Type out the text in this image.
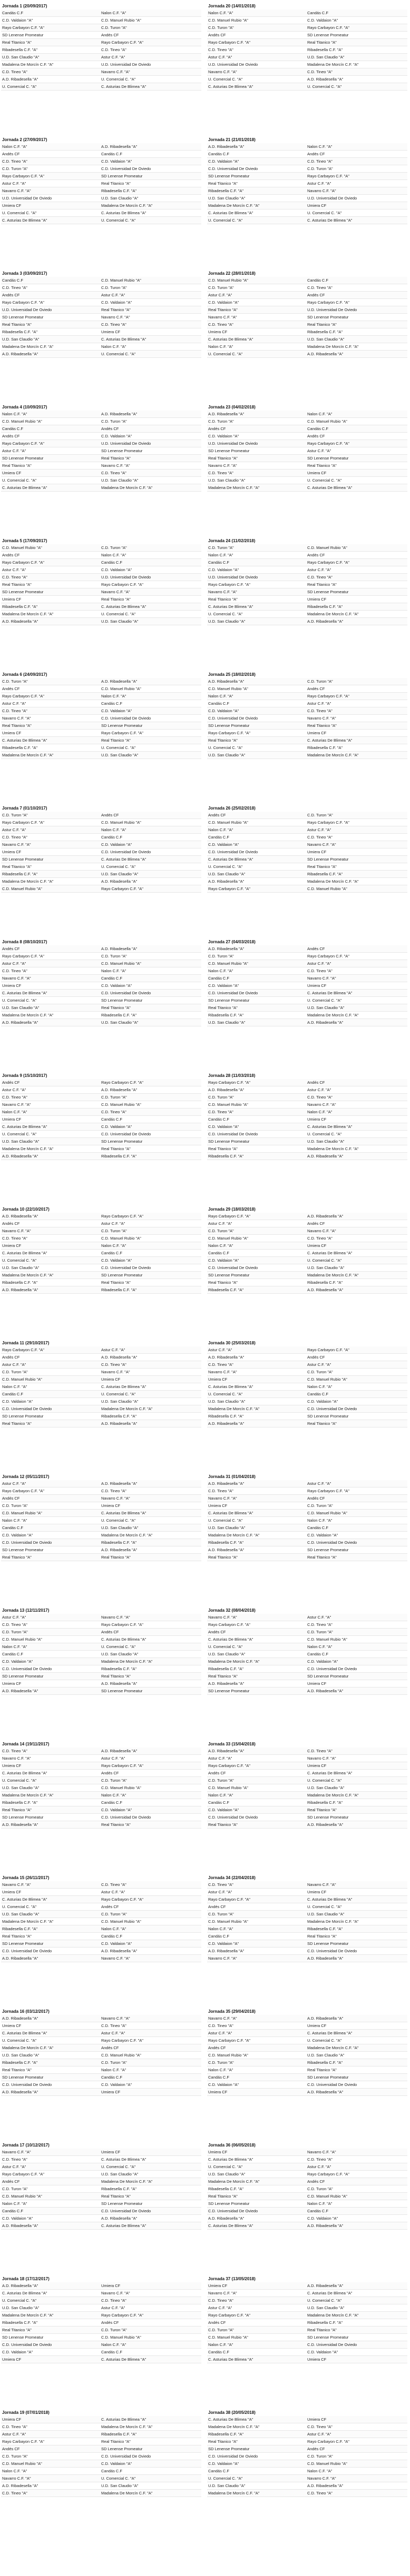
Jornada 1 (20/09/2017)
Candás C.F	Nalon C.F. "A"
C.D. Valdaion "A"	C.D. Manuel Rubio "A"
Rayo Carbayon C.F. "A"	C.D. Turon "A"
SD Lenense Promeatur	Andés CF
Real Titanico "A"	Rayo Carbayon C.F. "A"
Ribadesella C.F. "A"	C.D. Tineo "A"
U.D. San Claudio "A"	Astur C.F. "A"
Madalena De Morcín C.F. "A"	U.D. Universidad De Oviedo
C.D. Tineo "A"	Navarro C.F. "A"
A.D. Ribadesella "A"	U. Comercial C. "A"
U. Comercial C. "A"	C. Asturias De Blimea "A"
Jornada 20 (14/01/2018)
Nalon C.F. "A"	Candás C.F
C.D. Manuel Rubio "A"	C.D. Valdaion "A"
C.D. Turon "A"	Rayo Carbayon C.F. "A"
Andés CF	SD Lenense Promeatur
Rayo Carbayon C.F. "A"	Real Titanico "A"
C.D. Tineo "A"	Ribadesella C.F. "A"
Astur C.F. "A"	U.D. San Claudio "A"
U.D. Universidad De Oviedo	Madalena De Morcín C.F. "A"
Navarro C.F. "A"	C.D. Tineo "A"
U. Comercial C. "A"	A.D. Ribadesella "A"
C. Asturias De Blimea "A"	U. Comercial C. "A"
Jornada 2 (27/09/2017)
Nalon C.F. "A"	A.D. Ribadesella "A"
Andés CF	Candás C.F
C.D. Tineo "A"	C.D. Valdaion "A"
C.D. Turon "A"	C.D. Universidad De Oviedo
Rayo Carbayon C.F. "A"	SD Lenense Promeatur
Astur C.F. "A"	Real Titanico "A"
Navarro C.F. "A"	Ribadesella C.F. "A"
U.D. Universidad De Oviedo	U.D. San Claudio "A"
Umiera CF	Madalena De Morcín C.F. "A"
U. Comercial C. "A"	C. Asturias De Blimea "A"
C. Asturias De Blimea "A"	U. Comercial C. "A"
Jornada 21 (21/01/2018)
A.D. Ribadesella "A"	Nalon C.F. "A"
Candás C.F	Andés CF
C.D. Valdaion "A"	C.D. Tineo "A"
C.D. Universidad De Oviedo	C.D. Turon "A"
SD Lenense Promeatur	Rayo Carbayon C.F. "A"
Real Titanico "A"	Astur C.F. "A"
Ribadesella C.F. "A"	Navarro C.F. "A"
U.D. San Claudio "A"	U.D. Universidad De Oviedo
Madalena De Morcín C.F. "A"	Umiera CF
C. Asturias De Blimea "A"	U. Comercial C. "A"
U. Comercial C. "A"	C. Asturias De Blimea "A"
Jornada 3 (03/09/2017)
Candás C.F	C.D. Manuel Rubio "A"
C.D. Tineo "A"	C.D. Turon "A"
Andés CF	Astur C.F. "A"
Rayo Carbayon C.F. "A"	C.D. Valdaion "A"
U.D. Universidad De Oviedo	Real Titanico "A"
SD Lenense Promeatur	Navarro C.F. "A"
Real Titanico "A"	C.D. Tineo "A"
Ribadesella C.F. "A"	Umiera CF
U.D. San Claudio "A"	C. Asturias De Blimea "A"
Madalena De Morcín C.F. "A"	Nalon C.F. "A"
A.D. Ribadesella "A"	U. Comercial C. "A"
Jornada 22 (28/01/2018)
C.D. Manuel Rubio "A"	Candás C.F
C.D. Turon "A"	C.D. Tineo "A"
Astur C.F. "A"	Andés CF
C.D. Valdaion "A"	Rayo Carbayon C.F. "A"
Real Titanico "A"	U.D. Universidad De Oviedo
Navarro C.F. "A"	SD Lenense Promeatur
C.D. Tineo "A"	Real Titanico "A"
Umiera CF	Ribadesella C.F. "A"
C. Asturias De Blimea "A"	U.D. San Claudio "A"
Nalon C.F. "A"	Madalena De Morcín C.F. "A"
U. Comercial C. "A"	A.D. Ribadesella "A"
Jornada 4 (10/09/2017)
Nalon C.F. "A"	A.D. Ribadesella "A"
C.D. Manuel Rubio "A"	C.D. Turon "A"
Candás C.F	Andés CF
Andés CF	C.D. Valdaion "A"
Rayo Carbayon C.F. "A"	U.D. Universidad De Oviedo
Astur C.F. "A"	SD Lenense Promeatur
SD Lenense Promeatur	Real Titanico "A"
Real Titanico "A"	Navarro C.F. "A"
Umiera CF	C.D. Tineo "A"
U. Comercial C. "A"	U.D. San Claudio "A"
C. Asturias De Blimea "A"	Madalena De Morcín C.F. "A"
Jornada 23 (04/02/2018)
A.D. Ribadesella "A"	Nalon C.F. "A"
C.D. Turon "A"	C.D. Manuel Rubio "A"
Andés CF	Candás C.F
C.D. Valdaion "A"	Andés CF
U.D. Universidad De Oviedo	Rayo Carbayon C.F. "A"
SD Lenense Promeatur	Astur C.F. "A"
Real Titanico "A"	SD Lenense Promeatur
Navarro C.F. "A"	Real Titanico "A"
C.D. Tineo "A"	Umiera CF
U.D. San Claudio "A"	U. Comercial C. "A"
Madalena De Morcín C.F. "A"	C. Asturias De Blimea "A"
Jornada 5 (17/09/2017)
C.D. Manuel Rubio "A"	C.D. Turon "A"
Andés CF	Nalon C.F. "A"
Rayo Carbayon C.F. "A"	Candás C.F
Astur C.F. "A"	C.D. Valdaion "A"
C.D. Tineo "A"	U.D. Universidad De Oviedo
Real Titanico "A"	Rayo Carbayon C.F. "A"
SD Lenense Promeatur	Navarro C.F. "A"
Umiera CF	Real Titanico "A"
Ribadesella C.F. "A"	C. Asturias De Blimea "A"
Madalena De Morcín C.F. "A"	U. Comercial C. "A"
A.D. Ribadesella "A"	U.D. San Claudio "A"
Jornada 24 (11/02/2018)
C.D. Turon "A"	C.D. Manuel Rubio "A"
Nalon C.F. "A"	Andés CF
Candás C.F	Rayo Carbayon C.F. "A"
C.D. Valdaion "A"	Astur C.F. "A"
U.D. Universidad De Oviedo	C.D. Tineo "A"
Rayo Carbayon C.F. "A"	Real Titanico "A"
Navarro C.F. "A"	SD Lenense Promeatur
Real Titanico "A"	Umiera CF
C. Asturias De Blimea "A"	Ribadesella C.F. "A"
U. Comercial C. "A"	Madalena De Morcín C.F. "A"
U.D. San Claudio "A"	A.D. Ribadesella "A"
Jornada 6 (24/09/2017)
C.D. Turon "A"	A.D. Ribadesella "A"
Andés CF	C.D. Manuel Rubio "A"
Rayo Carbayon C.F. "A"	Nalon C.F. "A"
Astur C.F. "A"	Candás C.F
C.D. Tineo "A"	C.D. Valdaion "A"
Navarro C.F. "A"	C.D. Universidad De Oviedo
Real Titanico "A"	SD Lenense Promeatur
Umiera CF	Rayo Carbayon C.F. "A"
C. Asturias De Blimea "A"	Real Titanico "A"
Ribadesella C.F. "A"	U. Comercial C. "A"
Madalena De Morcín C.F. "A"	U.D. San Claudio "A"
Jornada 25 (18/02/2018)
A.D. Ribadesella "A"	C.D. Turon "A"
C.D. Manuel Rubio "A"	Andés CF
Nalon C.F. "A"	Rayo Carbayon C.F. "A"
Candás C.F	Astur C.F. "A"
C.D. Valdaion "A"	C.D. Tineo "A"
C.D. Universidad De Oviedo	Navarro C.F. "A"
SD Lenense Promeatur	Real Titanico "A"
Rayo Carbayon C.F. "A"	Umiera CF
Real Titanico "A"	C. Asturias De Blimea "A"
U. Comercial C. "A"	Ribadesella C.F. "A"
U.D. San Claudio "A"	Madalena De Morcín C.F. "A"
Jornada 7 (01/10/2017)
C.D. Turon "A"	Andés CF
Rayo Carbayon C.F. "A"	C.D. Manuel Rubio "A"
Astur C.F. "A"	Nalon C.F. "A"
C.D. Tineo "A"	Candás C.F
Navarro C.F. "A"	C.D. Valdaion "A"
Umiera CF	C.D. Universidad De Oviedo
SD Lenense Promeatur	C. Asturias De Blimea "A"
Real Titanico "A"	U. Comercial C. "A"
Ribadesella C.F. "A"	U.D. San Claudio "A"
Madalena De Morcín C.F. "A"	A.D. Ribadesella "A"
C.D. Manuel Rubio "A"	Rayo Carbayon C.F. "A"
Jornada 26 (25/02/2018)
Andés CF	C.D. Turon "A"
C.D. Manuel Rubio "A"	Rayo Carbayon C.F. "A"
Nalon C.F. "A"	Astur C.F. "A"
Candás C.F	C.D. Tineo "A"
C.D. Valdaion "A"	Navarro C.F. "A"
C.D. Universidad De Oviedo	Umiera CF
C. Asturias De Blimea "A"	SD Lenense Promeatur
U. Comercial C. "A"	Real Titanico "A"
U.D. San Claudio "A"	Ribadesella C.F. "A"
A.D. Ribadesella "A"	Madalena De Morcín C.F. "A"
Rayo Carbayon C.F. "A"	C.D. Manuel Rubio "A"
Jornada 8 (08/10/2017)
Andés CF	A.D. Ribadesella "A"
Rayo Carbayon C.F. "A"	C.D. Turon "A"
Astur C.F. "A"	C.D. Manuel Rubio "A"
C.D. Tineo "A"	Nalon C.F. "A"
Navarro C.F. "A"	Candás C.F
Umiera CF	C.D. Valdaion "A"
C. Asturias De Blimea "A"	C.D. Universidad De Oviedo
U. Comercial C. "A"	SD Lenense Promeatur
U.D. San Claudio "A"	Real Titanico "A"
Madalena De Morcín C.F. "A"	Ribadesella C.F. "A"
A.D. Ribadesella "A"	U.D. San Claudio "A"
Jornada 27 (04/03/2018)
A.D. Ribadesella "A"	Andés CF
C.D. Turon "A"	Rayo Carbayon C.F. "A"
C.D. Manuel Rubio "A"	Astur C.F. "A"
Nalon C.F. "A"	C.D. Tineo "A"
Candás C.F	Navarro C.F. "A"
C.D. Valdaion "A"	Umiera CF
C.D. Universidad De Oviedo	C. Asturias De Blimea "A"
SD Lenense Promeatur	U. Comercial C. "A"
Real Titanico "A"	U.D. San Claudio "A"
Ribadesella C.F. "A"	Madalena De Morcín C.F. "A"
U.D. San Claudio "A"	A.D. Ribadesella "A"
Jornada 9 (15/10/2017)
Andés CF	Rayo Carbayon C.F. "A"
Astur C.F. "A"	A.D. Ribadesella "A"
C.D. Tineo "A"	C.D. Turon "A"
Navarro C.F. "A"	C.D. Manuel Rubio "A"
Nalon C.F. "A"	C.D. Tineo "A"
Umiera CF	Candás C.F
C. Asturias De Blimea "A"	C.D. Valdaion "A"
U. Comercial C. "A"	C.D. Universidad De Oviedo
U.D. San Claudio "A"	SD Lenense Promeatur
Madalena De Morcín C.F. "A"	Real Titanico "A"
A.D. Ribadesella "A"	Ribadesella C.F. "A"
Jornada 28 (11/03/2018)
Rayo Carbayon C.F. "A"	Andés CF
A.D. Ribadesella "A"	Astur C.F. "A"
C.D. Turon "A"	C.D. Tineo "A"
C.D. Manuel Rubio "A"	Navarro C.F. "A"
C.D. Tineo "A"	Nalon C.F. "A"
Candás C.F	Umiera CF
C.D. Valdaion "A"	C. Asturias De Blimea "A"
C.D. Universidad De Oviedo	U. Comercial C. "A"
SD Lenense Promeatur	U.D. San Claudio "A"
Real Titanico "A"	Madalena De Morcín C.F. "A"
Ribadesella C.F. "A"	A.D. Ribadesella "A"
Jornada 10 (22/10/2017)
A.D. Ribadesella "A"	Rayo Carbayon C.F. "A"
Andés CF	Astur C.F. "A"
Navarro C.F. "A"	C.D. Turon "A"
C.D. Tineo "A"	C.D. Manuel Rubio "A"
Umiera CF	Nalon C.F. "A"
C. Asturias De Blimea "A"	Candás C.F
U. Comercial C. "A"	C.D. Valdaion "A"
U.D. San Claudio "A"	C.D. Universidad De Oviedo
Madalena De Morcín C.F. "A"	SD Lenense Promeatur
Ribadesella C.F. "A"	Real Titanico "A"
A.D. Ribadesella "A"	Ribadesella C.F. "A"
Jornada 29 (18/03/2018)
Rayo Carbayon C.F. "A"	A.D. Ribadesella "A"
Astur C.F. "A"	Andés CF
C.D. Turon "A"	Navarro C.F. "A"
C.D. Manuel Rubio "A"	C.D. Tineo "A"
Nalon C.F. "A"	Umiera CF
Candás C.F	C. Asturias De Blimea "A"
C.D. Valdaion "A"	U. Comercial C. "A"
C.D. Universidad De Oviedo	U.D. San Claudio "A"
SD Lenense Promeatur	Madalena De Morcín C.F. "A"
Real Titanico "A"	Ribadesella C.F. "A"
Ribadesella C.F. "A"	A.D. Ribadesella "A"
Jornada 11 (29/10/2017)
Rayo Carbayon C.F. "A"	Astur C.F. "A"
Andés CF	A.D. Ribadesella "A"
Astur C.F. "A"	C.D. Tineo "A"
C.D. Turon "A"	Navarro C.F. "A"
C.D. Manuel Rubio "A"	Umiera CF
Nalon C.F. "A"	C. Asturias De Blimea "A"
Candás C.F	U. Comercial C. "A"
C.D. Valdaion "A"	U.D. San Claudio "A"
C.D. Universidad De Oviedo	Madalena De Morcín C.F. "A"
SD Lenense Promeatur	Ribadesella C.F. "A"
Real Titanico "A"	A.D. Ribadesella "A"
Jornada 30 (25/03/2018)
Astur C.F. "A"	Rayo Carbayon C.F. "A"
A.D. Ribadesella "A"	Andés CF
C.D. Tineo "A"	Astur C.F. "A"
Navarro C.F. "A"	C.D. Turon "A"
Umiera CF	C.D. Manuel Rubio "A"
C. Asturias De Blimea "A"	Nalon C.F. "A"
U. Comercial C. "A"	Candás C.F
U.D. San Claudio "A"	C.D. Valdaion "A"
Madalena De Morcín C.F. "A"	C.D. Universidad De Oviedo
Ribadesella C.F. "A"	SD Lenense Promeatur
A.D. Ribadesella "A"	Real Titanico "A"
Jornada 12 (05/11/2017)
Astur C.F. "A"	A.D. Ribadesella "A"
Rayo Carbayon C.F. "A"	C.D. Tineo "A"
Andés CF	Navarro C.F. "A"
C.D. Turon "A"	Umiera CF
C.D. Manuel Rubio "A"	C. Asturias De Blimea "A"
Nalon C.F. "A"	U. Comercial C. "A"
Candás C.F	U.D. San Claudio "A"
C.D. Valdaion "A"	Madalena De Morcín C.F. "A"
C.D. Universidad De Oviedo	Ribadesella C.F. "A"
SD Lenense Promeatur	A.D. Ribadesella "A"
Real Titanico "A"	Real Titanico "A"
Jornada 31 (01/04/2018)
A.D. Ribadesella "A"	Astur C.F. "A"
C.D. Tineo "A"	Rayo Carbayon C.F. "A"
Navarro C.F. "A"	Andés CF
Umiera CF	C.D. Turon "A"
C. Asturias De Blimea "A"	C.D. Manuel Rubio "A"
U. Comercial C. "A"	Nalon C.F. "A"
U.D. San Claudio "A"	Candás C.F
Madalena De Morcín C.F. "A"	C.D. Valdaion "A"
Ribadesella C.F. "A"	C.D. Universidad De Oviedo
A.D. Ribadesella "A"	SD Lenense Promeatur
Real Titanico "A"	Real Titanico "A"
Jornada 13 (12/11/2017)
Astur C.F. "A"	Navarro C.F. "A"
C.D. Tineo "A"	Rayo Carbayon C.F. "A"
C.D. Turon "A"	Andés CF
C.D. Manuel Rubio "A"	C. Asturias De Blimea "A"
Nalon C.F. "A"	U. Comercial C. "A"
Candás C.F	U.D. San Claudio "A"
C.D. Valdaion "A"	Madalena De Morcín C.F. "A"
C.D. Universidad De Oviedo	Ribadesella C.F. "A"
SD Lenense Promeatur	Real Titanico "A"
Umiera CF	A.D. Ribadesella "A"
A.D. Ribadesella "A"	SD Lenense Promeatur
Jornada 32 (08/04/2018)
Navarro C.F. "A"	Astur C.F. "A"
Rayo Carbayon C.F. "A"	C.D. Tineo "A"
Andés CF	C.D. Turon "A"
C. Asturias De Blimea "A"	C.D. Manuel Rubio "A"
U. Comercial C. "A"	Nalon C.F. "A"
U.D. San Claudio "A"	Candás C.F
Madalena De Morcín C.F. "A"	C.D. Valdaion "A"
Ribadesella C.F. "A"	C.D. Universidad De Oviedo
Real Titanico "A"	SD Lenense Promeatur
A.D. Ribadesella "A"	Umiera CF
SD Lenense Promeatur	A.D. Ribadesella "A"
Jornada 14 (19/11/2017)
C.D. Tineo "A"	A.D. Ribadesella "A"
Navarro C.F. "A"	Astur C.F. "A"
Umiera CF	Rayo Carbayon C.F. "A"
C. Asturias De Blimea "A"	Andés CF
U. Comercial C. "A"	C.D. Turon "A"
U.D. San Claudio "A"	C.D. Manuel Rubio "A"
Madalena De Morcín C.F. "A"	Nalon C.F. "A"
Ribadesella C.F. "A"	Candás C.F
Real Titanico "A"	C.D. Valdaion "A"
SD Lenense Promeatur	C.D. Universidad De Oviedo
A.D. Ribadesella "A"	Real Titanico "A"
Jornada 33 (15/04/2018)
A.D. Ribadesella "A"	C.D. Tineo "A"
Astur C.F. "A"	Navarro C.F. "A"
Rayo Carbayon C.F. "A"	Umiera CF
Andés CF	C. Asturias De Blimea "A"
C.D. Turon "A"	U. Comercial C. "A"
C.D. Manuel Rubio "A"	U.D. San Claudio "A"
Nalon C.F. "A"	Madalena De Morcín C.F. "A"
Candás C.F	Ribadesella C.F. "A"
C.D. Valdaion "A"	Real Titanico "A"
C.D. Universidad De Oviedo	SD Lenense Promeatur
Real Titanico "A"	A.D. Ribadesella "A"
Jornada 15 (26/11/2017)
Navarro C.F. "A"	C.D. Tineo "A"
Umiera CF	Astur C.F. "A"
C. Asturias De Blimea "A"	Rayo Carbayon C.F. "A"
U. Comercial C. "A"	Andés CF
U.D. San Claudio "A"	C.D. Turon "A"
Madalena De Morcín C.F. "A"	C.D. Manuel Rubio "A"
Ribadesella C.F. "A"	Nalon C.F. "A"
Real Titanico "A"	Candás C.F
SD Lenense Promeatur	C.D. Valdaion "A"
C.D. Universidad De Oviedo	A.D. Ribadesella "A"
A.D. Ribadesella "A"	Navarro C.F. "A"
Jornada 34 (22/04/2018)
C.D. Tineo "A"	Navarro C.F. "A"
Astur C.F. "A"	Umiera CF
Rayo Carbayon C.F. "A"	C. Asturias De Blimea "A"
Andés CF	U. Comercial C. "A"
C.D. Turon "A"	U.D. San Claudio "A"
C.D. Manuel Rubio "A"	Madalena De Morcín C.F. "A"
Nalon C.F. "A"	Ribadesella C.F. "A"
Candás C.F	Real Titanico "A"
C.D. Valdaion "A"	SD Lenense Promeatur
A.D. Ribadesella "A"	C.D. Universidad De Oviedo
Navarro C.F. "A"	A.D. Ribadesella "A"
Jornada 16 (03/12/2017)
A.D. Ribadesella "A"	Navarro C.F. "A"
Umiera CF	C.D. Tineo "A"
C. Asturias De Blimea "A"	Astur C.F. "A"
U. Comercial C. "A"	Rayo Carbayon C.F. "A"
Madalena De Morcín C.F. "A"	Andés CF
U.D. San Claudio "A"	C.D. Manuel Rubio "A"
Ribadesella C.F. "A"	C.D. Turon "A"
Real Titanico "A"	Nalon C.F. "A"
SD Lenense Promeatur	Candás C.F
C.D. Universidad De Oviedo	C.D. Valdaion "A"
A.D. Ribadesella "A"	Umiera CF
Jornada 35 (29/04/2018)
Navarro C.F. "A"	A.D. Ribadesella "A"
C.D. Tineo "A"	Umiera CF
Astur C.F. "A"	C. Asturias De Blimea "A"
Rayo Carbayon C.F. "A"	U. Comercial C. "A"
Andés CF	Madalena De Morcín C.F. "A"
C.D. Manuel Rubio "A"	U.D. San Claudio "A"
C.D. Turon "A"	Ribadesella C.F. "A"
Nalon C.F. "A"	Real Titanico "A"
Candás C.F	SD Lenense Promeatur
C.D. Valdaion "A"	C.D. Universidad De Oviedo
Umiera CF	A.D. Ribadesella "A"
Jornada 17 (10/12/2017)
Navarro C.F. "A"	Umiera CF
C.D. Tineo "A"	C. Asturias De Blimea "A"
Astur C.F. "A"	U. Comercial C. "A"
Rayo Carbayon C.F. "A"	U.D. San Claudio "A"
Andés CF	Madalena De Morcín C.F. "A"
C.D. Turon "A"	Ribadesella C.F. "A"
C.D. Manuel Rubio "A"	Real Titanico "A"
Nalon C.F. "A"	SD Lenense Promeatur
Candás C.F	C.D. Universidad De Oviedo
C.D. Valdaion "A"	A.D. Ribadesella "A"
A.D. Ribadesella "A"	C. Asturias De Blimea "A"
Jornada 36 (06/05/2018)
Umiera CF	Navarro C.F. "A"
C. Asturias De Blimea "A"	C.D. Tineo "A"
U. Comercial C. "A"	Astur C.F. "A"
U.D. San Claudio "A"	Rayo Carbayon C.F. "A"
Madalena De Morcín C.F. "A"	Andés CF
Ribadesella C.F. "A"	C.D. Turon "A"
Real Titanico "A"	C.D. Manuel Rubio "A"
SD Lenense Promeatur	Nalon C.F. "A"
C.D. Universidad De Oviedo	Candás C.F
A.D. Ribadesella "A"	C.D. Valdaion "A"
C. Asturias De Blimea "A"	A.D. Ribadesella "A"
Jornada 18 (17/12/2017)
A.D. Ribadesella "A"	Umiera CF
C. Asturias De Blimea "A"	Navarro C.F. "A"
U. Comercial C. "A"	C.D. Tineo "A"
U.D. San Claudio "A"	Astur C.F. "A"
Madalena De Morcín C.F. "A"	Rayo Carbayon C.F. "A"
Ribadesella C.F. "A"	Andés CF
Real Titanico "A"	C.D. Turon "A"
SD Lenense Promeatur	C.D. Manuel Rubio "A"
C.D. Universidad De Oviedo	Nalon C.F. "A"
C.D. Valdaion "A"	Candás C.F
Umiera CF	C. Asturias De Blimea "A"
Jornada 37 (13/05/2018)
Umiera CF	A.D. Ribadesella "A"
Navarro C.F. "A"	C. Asturias De Blimea "A"
C.D. Tineo "A"	U. Comercial C. "A"
Astur C.F. "A"	U.D. San Claudio "A"
Rayo Carbayon C.F. "A"	Madalena De Morcín C.F. "A"
Andés CF	Ribadesella C.F. "A"
C.D. Turon "A"	Real Titanico "A"
C.D. Manuel Rubio "A"	SD Lenense Promeatur
Nalon C.F. "A"	C.D. Universidad De Oviedo
Candás C.F	C.D. Valdaion "A"
C. Asturias De Blimea "A"	Umiera CF
Jornada 19 (07/01/2018)
Umiera CF	C. Asturias De Blimea "A"
C.D. Tineo "A"	Madalena De Morcín C.F. "A"
Astur C.F. "A"	Ribadesella C.F. "A"
Rayo Carbayon C.F. "A"	Real Titanico "A"
Andés CF	SD Lenense Promeatur
C.D. Turon "A"	C.D. Universidad De Oviedo
C.D. Manuel Rubio "A"	C.D. Valdaion "A"
Nalon C.F. "A"	Candás C.F
Navarro C.F. "A"	U. Comercial C. "A"
A.D. Ribadesella "A"	U.D. San Claudio "A"
C.D. Tineo "A"	Madalena De Morcín C.F. "A"
Jornada 38 (20/05/2018)
C. Asturias De Blimea "A"	Umiera CF
Madalena De Morcín C.F. "A"	C.D. Tineo "A"
Ribadesella C.F. "A"	Astur C.F. "A"
Real Titanico "A"	Rayo Carbayon C.F. "A"
SD Lenense Promeatur	Andés CF
C.D. Universidad De Oviedo	C.D. Turon "A"
C.D. Valdaion "A"	C.D. Manuel Rubio "A"
Candás C.F	Nalon C.F. "A"
U. Comercial C. "A"	Navarro C.F. "A"
U.D. San Claudio "A"	A.D. Ribadesella "A"
Madalena De Morcín C.F. "A"	C.D. Tineo "A"
